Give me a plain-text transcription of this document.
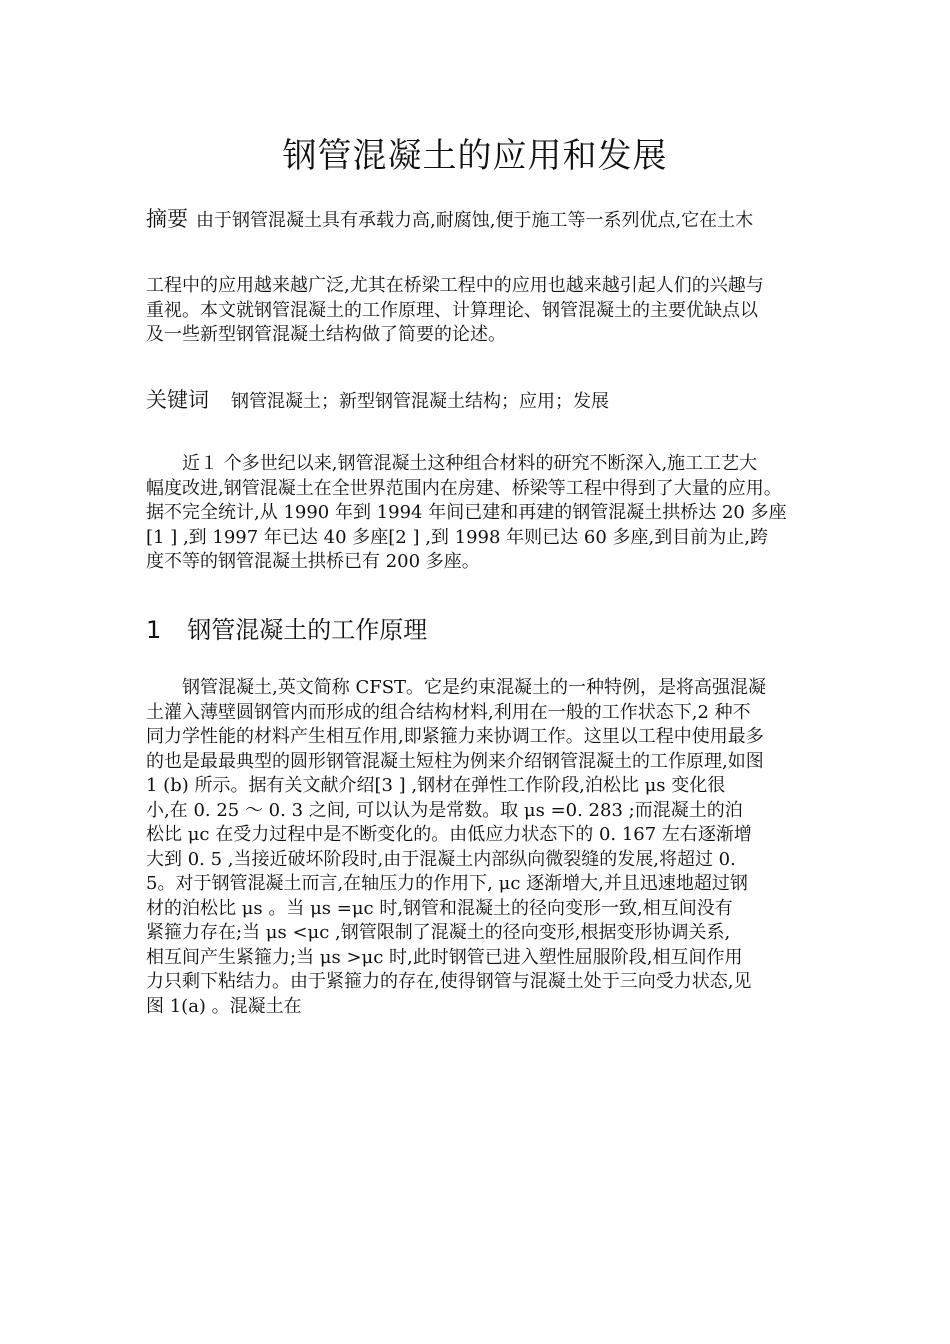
钢管混凝土的应用和发展
摘要 由于钢管混凝土具有承载力高,耐腐蚀,便于施工等一系列优点,它在土木
工程中的应用越来越广泛,尤其在桥梁工程中的应用也越来越引起人们的兴趣与
重视。本文就钢管混凝土的工作原理、计算理论、钢管混凝土的主要优缺点以
及一些新型钢管混凝土结构做了简要的论述。
关键词 钢管混凝土；新型钢管混凝土结构；应用；发展
近１ 个多世纪以来,钢管混凝土这种组合材料的研究不断深入,施工工艺大
幅度改进,钢管混凝土在全世界范围内在房建、桥梁等工程中得到了大量的应用。
据不完全统计,从 1990 年到 1994 年间已建和再建的钢管混凝土拱桥达 20 多座
[1 ] ,到 1997 年已达 40 多座[2 ] ,到 1998 年则已达 60 多座,到目前为止,跨
度不等的钢管混凝土拱桥已有 200 多座。
1 钢管混凝土的工作原理
钢管混凝土,英文简称 CFST。它是约束混凝土的一种特例，是将高强混凝
土灌入薄壁圆钢管内而形成的组合结构材料,利用在一般的工作状态下,2 种不
同力学性能的材料产生相互作用,即紧箍力来协调工作。这里以工程中使用最多
的也是最最典型的圆形钢管混凝土短柱为例来介绍钢管混凝土的工作原理,如图
1 (b) 所示。据有关文献介绍[3 ] ,钢材在弹性工作阶段,泊松比 μs 变化很
小,在 0. 25 ～ 0. 3 之间, 可以认为是常数。取 μs =0. 283 ;而混凝土的泊
松比 μc 在受力过程中是不断变化的。由低应力状态下的 0. 167 左右逐渐增
大到 0. 5 ,当接近破坏阶段时,由于混凝土内部纵向微裂缝的发展,将超过 0.
5。对于钢管混凝土而言,在轴压力的作用下, μc 逐渐增大,并且迅速地超过钢
材的泊松比 μs 。当 μs =μc 时,钢管和混凝土的径向变形一致,相互间没有
紧箍力存在;当 μs <μc ,钢管限制了混凝土的径向变形,根据变形协调关系,
相互间产生紧箍力;当 μs >μc 时,此时钢管已进入塑性屈服阶段,相互间作用
力只剩下粘结力。由于紧箍力的存在,使得钢管与混凝土处于三向受力状态,见
图 1(a) 。混凝土在
